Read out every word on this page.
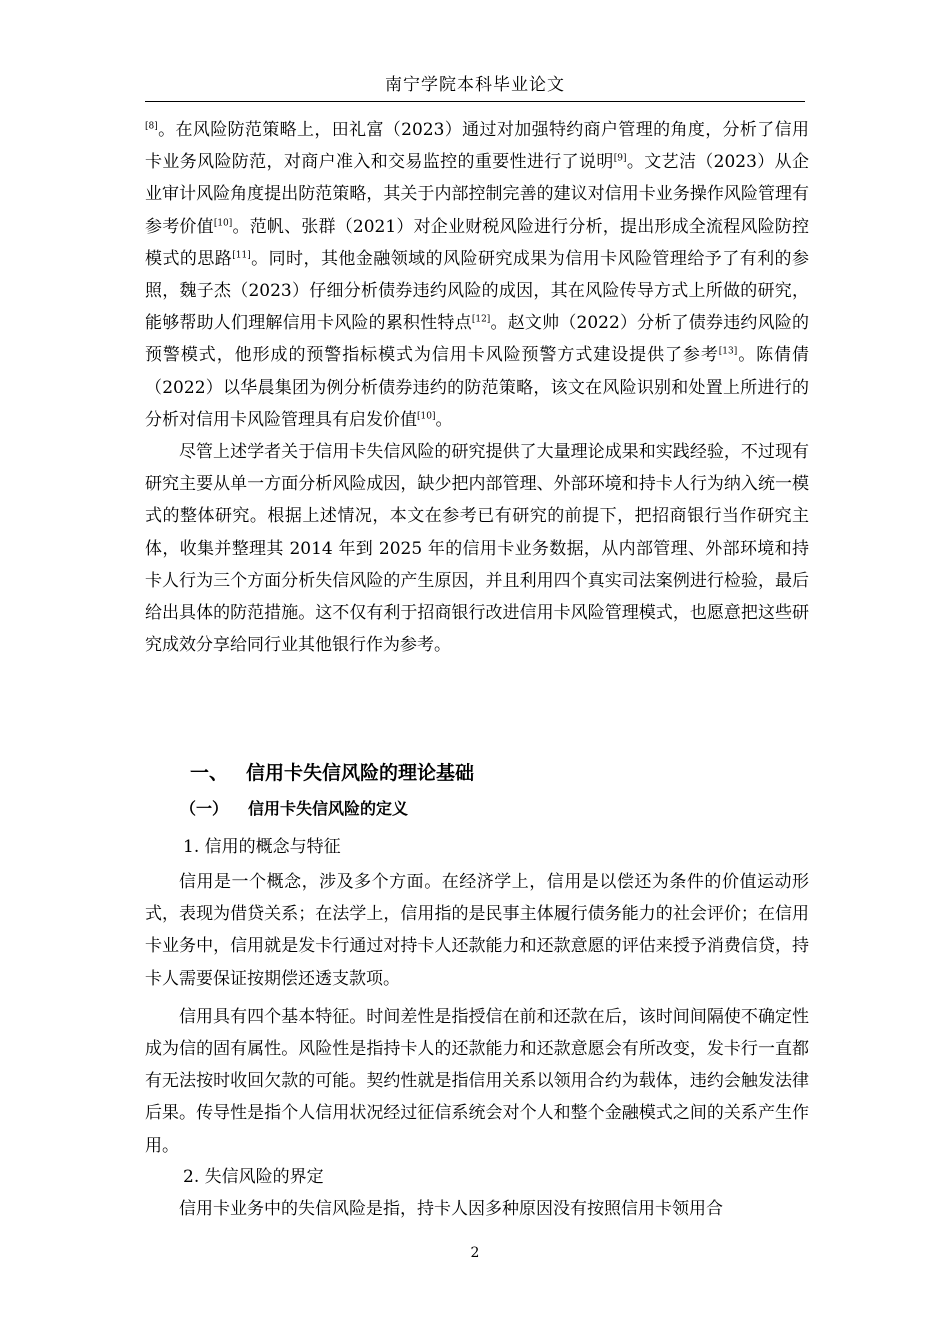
南宁学院本科毕业论文

[8]。在风险防范策略上，田礼富（2023）通过对加强特约商户管理的角度，分析了信用卡业务风险防范，对商户准入和交易监控的重要性进行了说明[9]。文艺洁（2023）从企业审计风险角度提出防范策略，其关于内部控制完善的建议对信用卡业务操作风险管理有参考价值[10]。范帆、张群（2021）对企业财税风险进行分析，提出形成全流程风险防控模式的思路[11]。同时，其他金融领域的风险研究成果为信用卡风险管理给予了有利的参照，魏子杰（2023）仔细分析债券违约风险的成因，其在风险传导方式上所做的研究，能够帮助人们理解信用卡风险的累积性特点[12]。赵文帅（2022）分析了债券违约风险的预警模式，他形成的预警指标模式为信用卡风险预警方式建设提供了参考[13]。陈倩倩（2022）以华晨集团为例分析债券违约的防范策略，该文在风险识别和处置上所进行的分析对信用卡风险管理具有启发价值[10]。

尽管上述学者关于信用卡失信风险的研究提供了大量理论成果和实践经验，不过现有研究主要从单一方面分析风险成因，缺少把内部管理、外部环境和持卡人行为纳入统一模式的整体研究。根据上述情况，本文在参考已有研究的前提下，把招商银行当作研究主体，收集并整理其 2014 年到 2025 年的信用卡业务数据，从内部管理、外部环境和持卡人行为三个方面分析失信风险的产生原因，并且利用四个真实司法案例进行检验，最后给出具体的防范措施。这不仅有利于招商银行改进信用卡风险管理模式，也愿意把这些研究成效分享给同行业其他银行作为参考。

一、 信用卡失信风险的理论基础
（一） 信用卡失信风险的定义
1. 信用的概念与特征

信用是一个概念，涉及多个方面。在经济学上，信用是以偿还为条件的价值运动形式，表现为借贷关系；在法学上，信用指的是民事主体履行债务能力的社会评价；在信用卡业务中，信用就是发卡行通过对持卡人还款能力和还款意愿的评估来授予消费信贷，持卡人需要保证按期偿还透支款项。

信用具有四个基本特征。时间差性是指授信在前和还款在后，该时间间隔使不确定性成为信的固有属性。风险性是指持卡人的还款能力和还款意愿会有所改变，发卡行一直都有无法按时收回欠款的可能。契约性就是指信用关系以领用合约为载体，违约会触发法律后果。传导性是指个人信用状况经过征信系统会对个人和整个金融模式之间的关系产生作用。

2. 失信风险的界定

信用卡业务中的失信风险是指，持卡人因多种原因没有按照信用卡领用合

2
